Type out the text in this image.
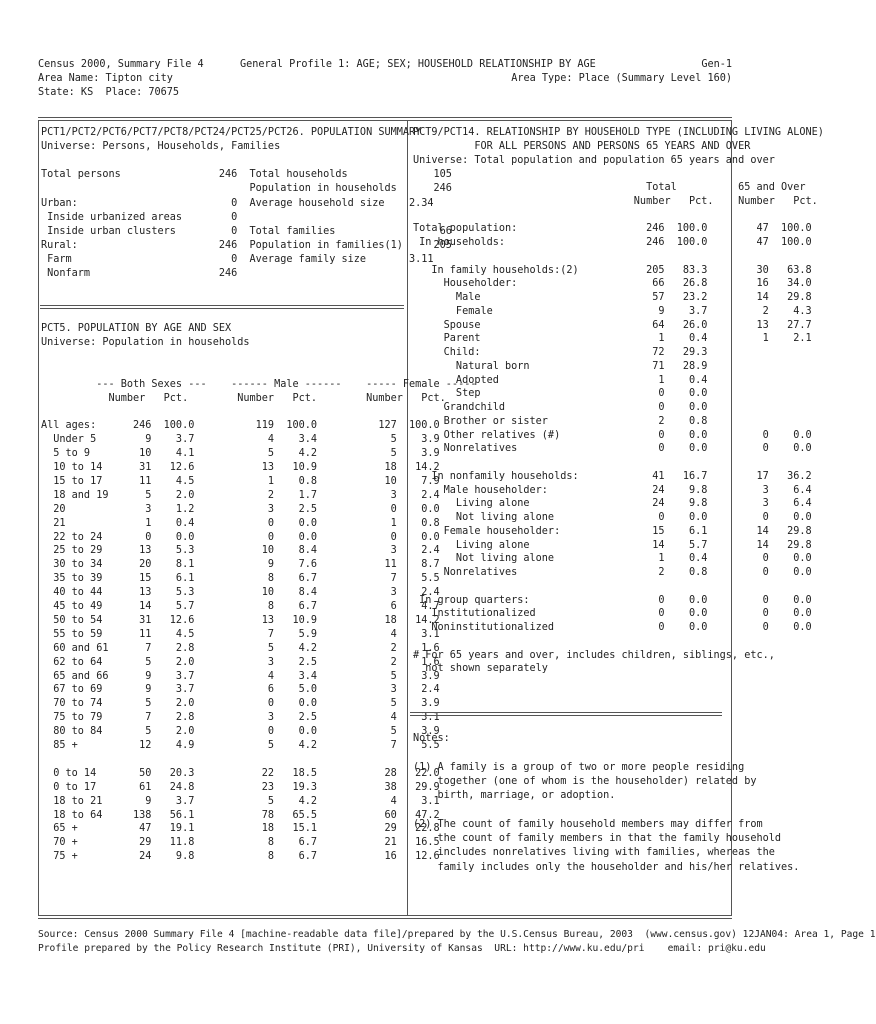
Census 2000, Summary File 4	General Profile 1: AGE; SEX; HOUSEHOLD RELATIONSHIP BY AGE	Gen-1
Area Name: Tipton city	Area Type: Place (Summary Level 160)
State: KS  Place: 70675
PCT1/PCT2/PCT6/PCT7/PCT8/PCT24/PCT25/PCT26. POPULATION SUMMARY
Universe: Persons, Households, Families
Total persons                246  Total households              105
Population in households      246
Urban:                         0  Average household size    2.34
Inside urbanized areas        0
Inside urban clusters         0  Total families                 66
Rural:                       246  Population in families(1)     205
Farm                          0  Average family size       3.11
Nonfarm                     246
PCT5. POPULATION BY AGE AND SEX
Universe: Population in households
--- Both Sexes ---    ------ Male ------    ----- Female -----
Number   Pct.        Number   Pct.        Number   Pct.
All ages:      246  100.0          119  100.0          127  100.0
Under 5        9    3.7            4    3.4            5    3.9
5 to 9        10    4.1            5    4.2            5    3.9
10 to 14      31   12.6           13   10.9           18   14.2
15 to 17      11    4.5            1    0.8           10    7.9
18 and 19      5    2.0            2    1.7            3    2.4
20             3    1.2            3    2.5            0    0.0
21             1    0.4            0    0.0            1    0.8
22 to 24       0    0.0            0    0.0            0    0.0
25 to 29      13    5.3           10    8.4            3    2.4
30 to 34      20    8.1            9    7.6           11    8.7
35 to 39      15    6.1            8    6.7            7    5.5
40 to 44      13    5.3           10    8.4            3    2.4
45 to 49      14    5.7            8    6.7            6    4.7
50 to 54      31   12.6           13   10.9           18   14.2
55 to 59      11    4.5            7    5.9            4    3.1
60 and 61      7    2.8            5    4.2            2    1.6
62 to 64       5    2.0            3    2.5            2    1.6
65 and 66      9    3.7            4    3.4            5    3.9
67 to 69       9    3.7            6    5.0            3    2.4
70 to 74       5    2.0            0    0.0            5    3.9
75 to 79       7    2.8            3    2.5            4    3.1
80 to 84       5    2.0            0    0.0            5    3.9
85 +          12    4.9            5    4.2            7    5.5
0 to 14       50   20.3           22   18.5           28   22.0
0 to 17       61   24.8           23   19.3           38   29.9
18 to 21       9    3.7            5    4.2            4    3.1
18 to 64     138   56.1           78   65.5           60   47.2
65 +          47   19.1           18   15.1           29   22.8
70 +          29   11.8            8    6.7           21   16.5
75 +          24    9.8            8    6.7           16   12.6
PCT9/PCT14. RELATIONSHIP BY HOUSEHOLD TYPE (INCLUDING LIVING ALONE)
FOR ALL PERSONS AND PERSONS 65 YEARS AND OVER
Universe: Total population and population 65 years and over
Total          65 and Over
Number   Pct.    Number   Pct.
Total population:                     246  100.0        47  100.0
In households:                       246  100.0        47  100.0
In family households:(2)           205   83.3        30   63.8
Householder:                      66   26.8        16   34.0
Male                            57   23.2        14   29.8
Female                           9    3.7         2    4.3
Spouse                            64   26.0        13   27.7
Parent                             1    0.4         1    2.1
Child:                            72   29.3
Natural born                    71   28.9
Adopted                          1    0.4
Step                             0    0.0
Grandchild                         0    0.0
Brother or sister                  2    0.8
Other relatives (#)                0    0.0         0    0.0
Nonrelatives                       0    0.0         0    0.0
In nonfamily households:            41   16.7        17   36.2
Male householder:                 24    9.8         3    6.4
Living alone                    24    9.8         3    6.4
Not living alone                 0    0.0         0    0.0
Female householder:               15    6.1        14   29.8
Living alone                    14    5.7        14   29.8
Not living alone                 1    0.4         0    0.0
Nonrelatives                       2    0.8         0    0.0
In group quarters:                     0    0.0         0    0.0
Institutionalized                    0    0.0         0    0.0
Noninstitutionalized                 0    0.0         0    0.0
# For 65 years and over, includes children, siblings, etc.,
not shown separately
Notes:
(1) A family is a group of two or more people residing
together (one of whom is the householder) related by
birth, marriage, or adoption.
(2) The count of family household members may differ from
the count of family members in that the family household
includes nonrelatives living with families, whereas the
family includes only the householder and his/her relatives.
Source: Census 2000 Summary File 4 [machine-readable data file]/prepared by the U.S.Census Bureau, 2003  (www.census.gov) 12JAN04: Area 1, Page 1
Profile prepared by the Policy Research Institute (PRI), University of Kansas  URL: http://www.ku.edu/pri    email: pri@ku.edu
